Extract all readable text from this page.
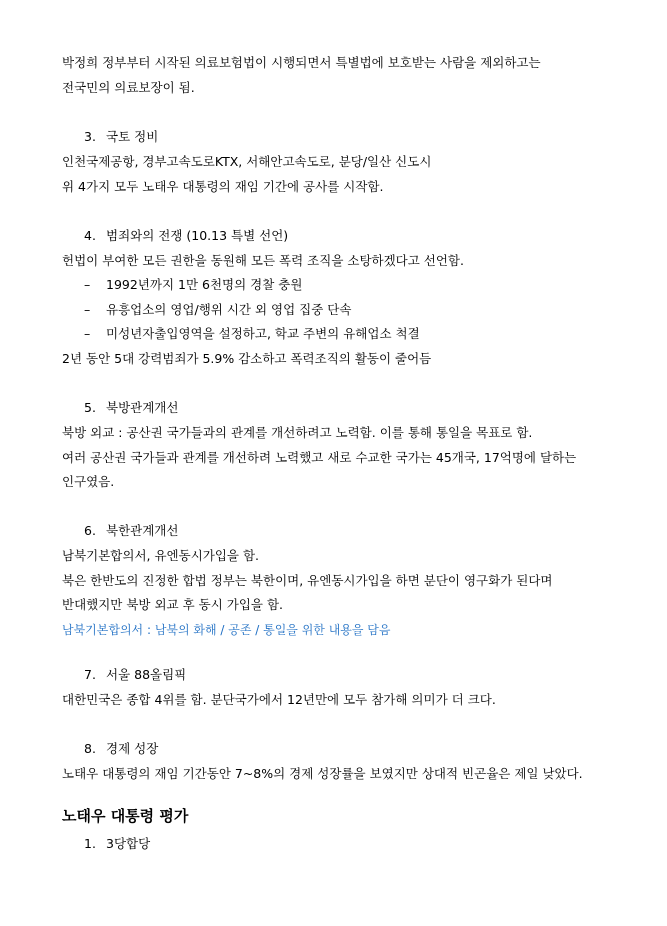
박정희 정부부터 시작된 의료보험법이 시행되면서 특별법에 보호받는 사람을 제외하고는
전국민의 의료보장이 됨.
3. 국토 정비
인천국제공항, 경부고속도로KTX, 서해안고속도로, 분당/일산 신도시
위 4가지 모두 노태우 대통령의 재임 기간에 공사를 시작함.
4. 범죄와의 전쟁 (10.13 특별 선언)
헌법이 부여한 모든 권한을 동원해 모든 폭력 조직을 소탕하겠다고 선언함.
– 1992년까지 1만 6천명의 경찰 충원
– 유흥업소의 영업/행위 시간 외 영업 집중 단속
– 미성년자출입영역을 설정하고, 학교 주변의 유해업소 척결
2년 동안 5대 강력범죄가 5.9% 감소하고 폭력조직의 활동이 줄어듬
5. 북방관계개선
북방 외교 : 공산권 국가들과의 관계를 개선하려고 노력함. 이를 통해 통일을 목표로 함.
여러 공산권 국가들과 관계를 개선하려 노력했고 새로 수교한 국가는 45개국, 17억명에 달하는
인구였음.
6. 북한관계개선
남북기본합의서, 유엔동시가입을 함.
북은 한반도의 진정한 합법 정부는 북한이며, 유엔동시가입을 하면 분단이 영구화가 된다며
반대했지만 북방 외교 후 동시 가입을 함.
남북기본합의서 : 남북의 화해 / 공존 / 통일을 위한 내용을 담음
7. 서울 88올림픽
대한민국은 종합 4위를 함. 분단국가에서 12년만에 모두 참가해 의미가 더 크다.
8. 경제 성장
노태우 대통령의 재임 기간동안 7~8%의 경제 성장률을 보였지만 상대적 빈곤율은 제일 낮았다.
노태우 대통령 평가
1. 3당합당
